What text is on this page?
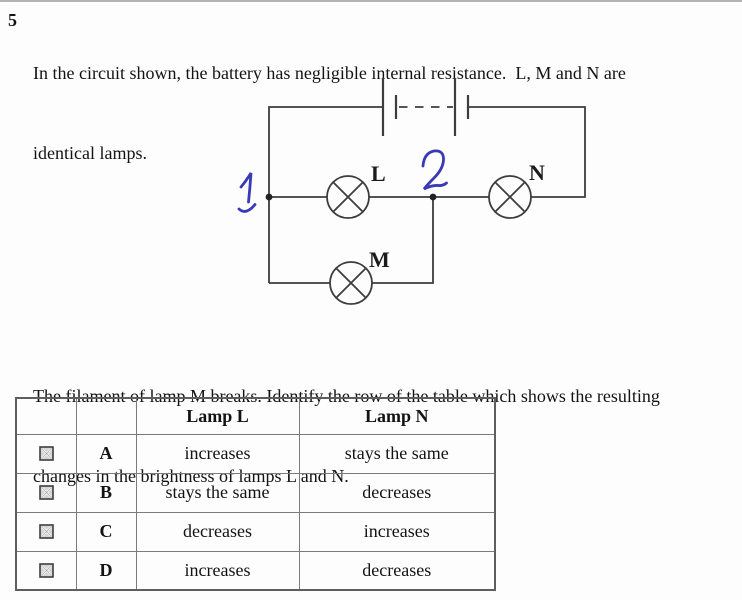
5

In the circuit shown, the battery has negligible internal resistance.  L, M and N are

identical lamps.

L	N
M

The filament of lamp M breaks. Identify the row of the table which shows the resulting

changes in the brightness of lamps L and N.

		Lamp L	Lamp N

	A	increases	stays the same

	B	stays the same	decreases

	C	decreases	increases

	D	increases	decreases
